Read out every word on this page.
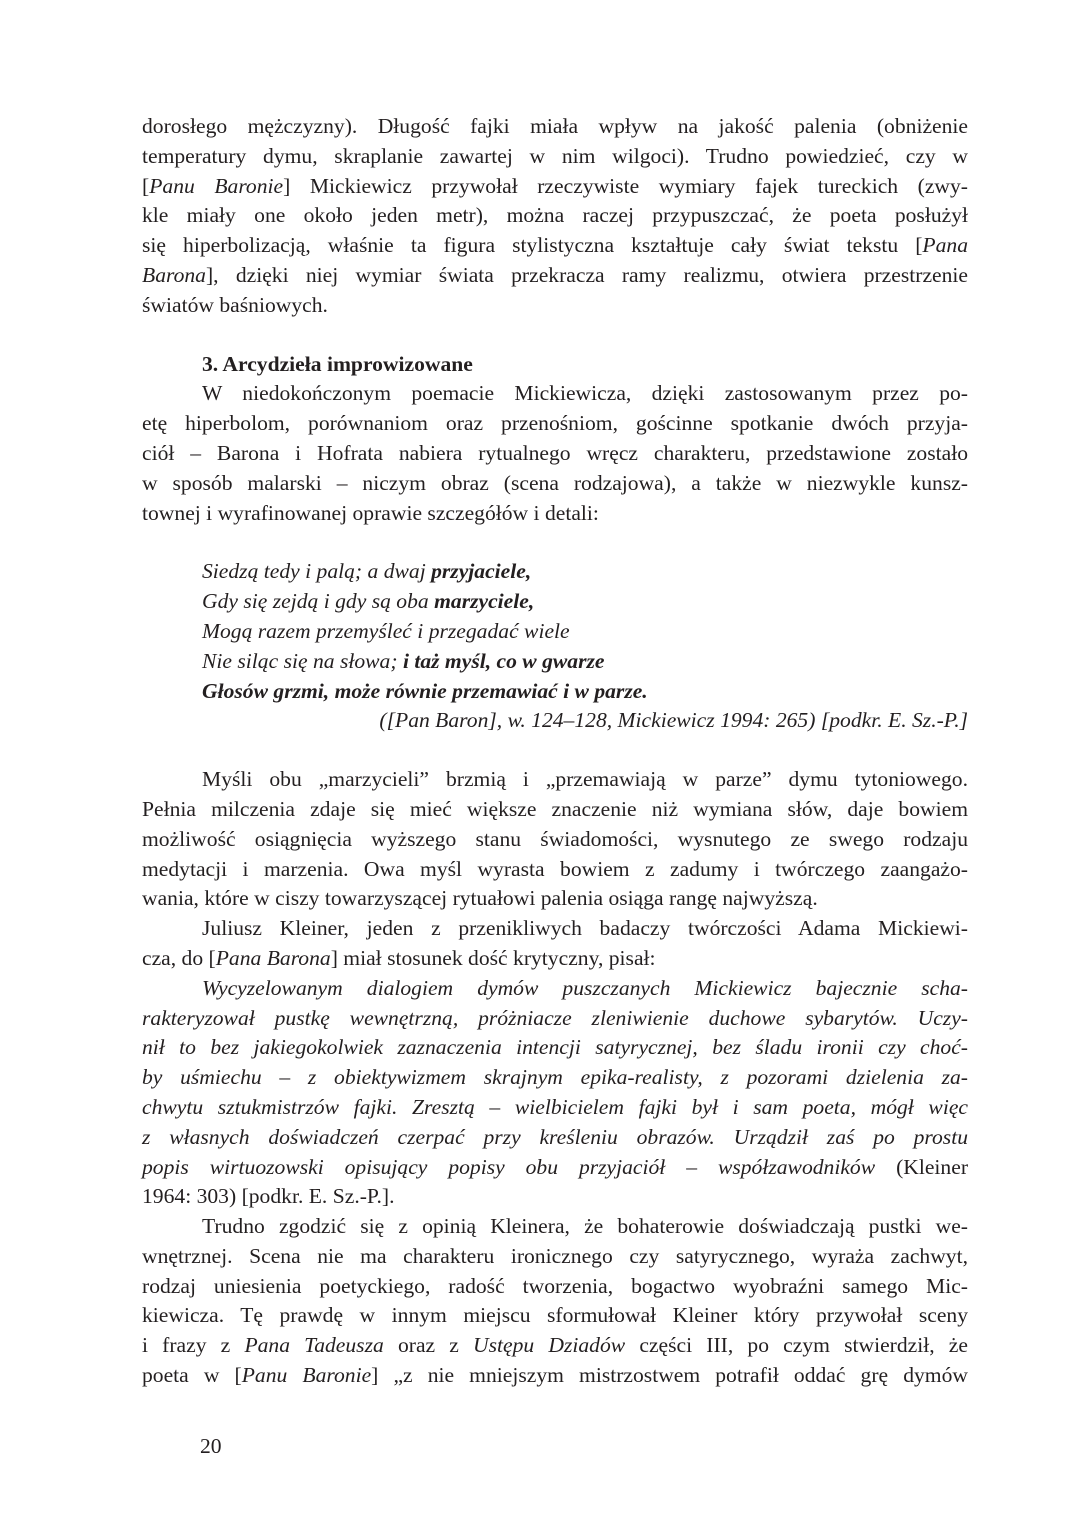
dorosłego mężczyzny). Długość fajki miała wpływ na jakość palenia (obniżenie
temperatury dymu, skraplanie zawartej w nim wilgoci). Trudno powiedzieć, czy w
[Panu Baronie] Mickiewicz przywołał rzeczywiste wymiary fajek tureckich (zwy-
kle miały one około jeden metr), można raczej przypuszczać, że poeta posłużył
się hiperbolizacją, właśnie ta figura stylistyczna kształtuje cały świat tekstu [Pana
Barona], dzięki niej wymiar świata przekracza ramy realizmu, otwiera przestrzenie
światów baśniowych.
3. Arcydzieła improwizowane
W niedokończonym poemacie Mickiewicza, dzięki zastosowanym przez po-
etę hiperbolom, porównaniom oraz przenośniom, gościnne spotkanie dwóch przyja-
ciół – Barona i Hofrata nabiera rytualnego wręcz charakteru, przedstawione zostało
w sposób malarski – niczym obraz (scena rodzajowa), a także w niezwykle kunsz-
townej i wyrafinowanej oprawie szczegółów i detali:
Siedzą tedy i palą; a dwaj przyjaciele,
Gdy się zejdą i gdy są oba marzyciele,
Mogą razem przemyśleć i przegadać wiele
Nie siląc się na słowa; i taż myśl, co w gwarze
Głosów grzmi, może równie przemawiać i w parze.
([Pan Baron], w. 124–128, Mickiewicz 1994: 265) [podkr. E. Sz.-P.]
Myśli obu „marzycieli” brzmią i „przemawiają w parze” dymu tytoniowego.
Pełnia milczenia zdaje się mieć większe znaczenie niż wymiana słów, daje bowiem
możliwość osiągnięcia wyższego stanu świadomości, wysnutego ze swego rodzaju
medytacji i marzenia. Owa myśl wyrasta bowiem z zadumy i twórczego zaangażo-
wania, które w ciszy towarzyszącej rytuałowi palenia osiąga rangę najwyższą.
Juliusz Kleiner, jeden z przenikliwych badaczy twórczości Adama Mickiewi-
cza, do [Pana Barona] miał stosunek dość krytyczny, pisał:
Wycyzelowanym dialogiem dymów puszczanych Mickiewicz bajecznie scha-
rakteryzował pustkę wewnętrzną, próżniacze zleniwienie duchowe sybarytów. Uczy-
nił to bez jakiegokolwiek zaznaczenia intencji satyrycznej, bez śladu ironii czy choć-
by uśmiechu – z obiektywizmem skrajnym epika-realisty, z pozorami dzielenia za-
chwytu sztukmistrzów fajki. Zresztą – wielbicielem fajki był i sam poeta, mógł więc
z własnych doświadczeń czerpać przy kreśleniu obrazów. Urządził zaś po prostu
popis wirtuozowski opisujący popisy obu przyjaciół – współzawodników (Kleiner
1964: 303) [podkr. E. Sz.-P.].
Trudno zgodzić się z opinią Kleinera, że bohaterowie doświadczają pustki we-
wnętrznej. Scena nie ma charakteru ironicznego czy satyrycznego, wyraża zachwyt,
rodzaj uniesienia poetyckiego, radość tworzenia, bogactwo wyobraźni samego Mic-
kiewicza. Tę prawdę w innym miejscu sformułował Kleiner który przywołał sceny
i frazy z Pana Tadeusza oraz z Ustępu Dziadów części III, po czym stwierdził, że
poeta w [Panu Baronie] „z nie mniejszym mistrzostwem potrafił oddać grę dymów
20
